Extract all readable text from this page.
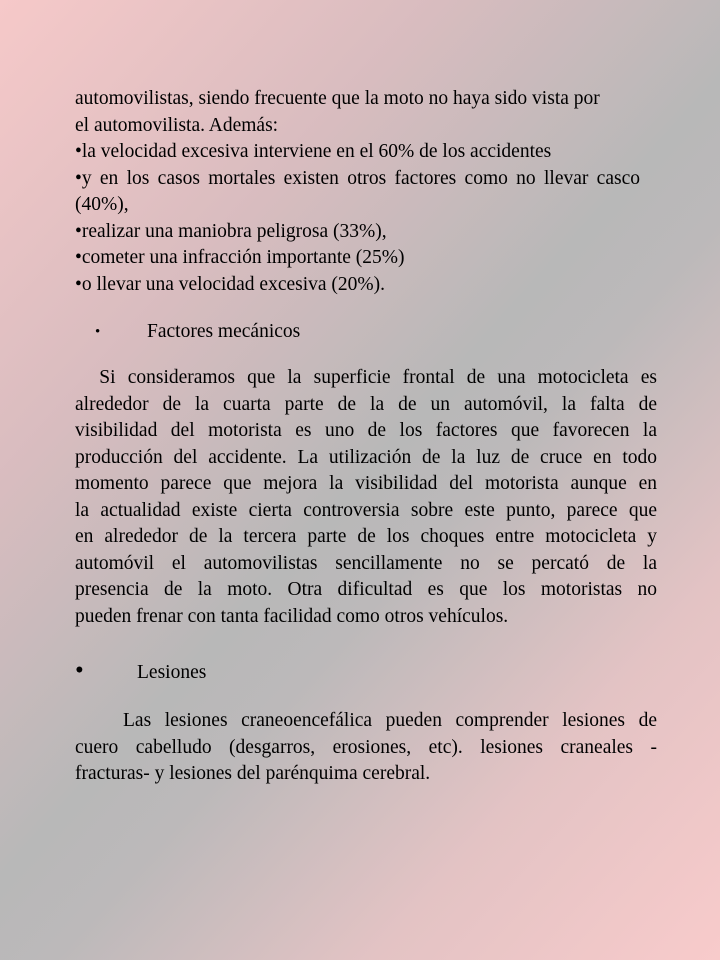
automovilistas, siendo frecuente que la moto no haya sido vista por

el automovilista. Además:

•la velocidad excesiva interviene en el 60% de los accidentes

•y en los casos mortales existen otros factores como no llevar casco

(40%),

•realizar una maniobra peligrosa (33%),

•cometer una infracción importante (25%)

•o llevar una velocidad excesiva (20%).

• Factores mecánicos

Si consideramos que la superficie frontal de una motocicleta es

alrededor de la cuarta parte de la de un automóvil, la falta de

visibilidad del motorista es uno de los factores que favorecen la

producción del accidente. La utilización de la luz de cruce en todo

momento parece que mejora la visibilidad del motorista aunque en

la actualidad existe cierta controversia sobre este punto, parece que

en alrededor de la tercera parte de los choques entre motocicleta y

automóvil el automovilistas sencillamente no se percató de la

presencia de la moto. Otra dificultad es que los motoristas no

pueden frenar con tanta facilidad como otros vehículos.

•	Lesiones

Las lesiones craneoencefálica pueden comprender lesiones de

cuero cabelludo (desgarros, erosiones, etc). lesiones craneales -

fracturas- y lesiones del parénquima cerebral.
